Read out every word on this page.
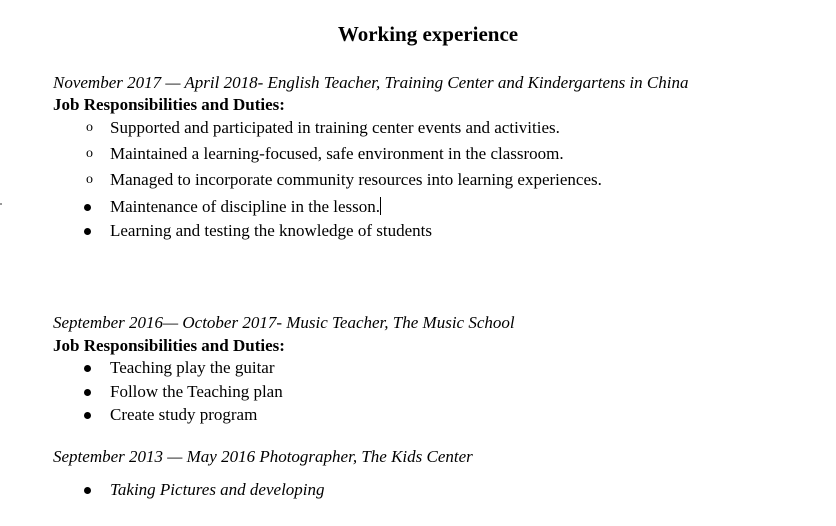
Working experience
November 2017 — April 2018- English Teacher, Training Center and Kindergartens in China
Job Responsibilities and Duties:
o Supported and participated in training center events and activities.
o Maintained a learning-focused, safe environment in the classroom.
o Managed to incorporate community resources into learning experiences.
Maintenance of discipline in the lesson.
Learning and testing the knowledge of students
September 2016— October 2017- Music Teacher, The Music School
Job Responsibilities and Duties:
Teaching play the guitar
Follow the Teaching plan
Create study program
September 2013 — May 2016 Photographer, The Kids Center
Taking Pictures and developing
